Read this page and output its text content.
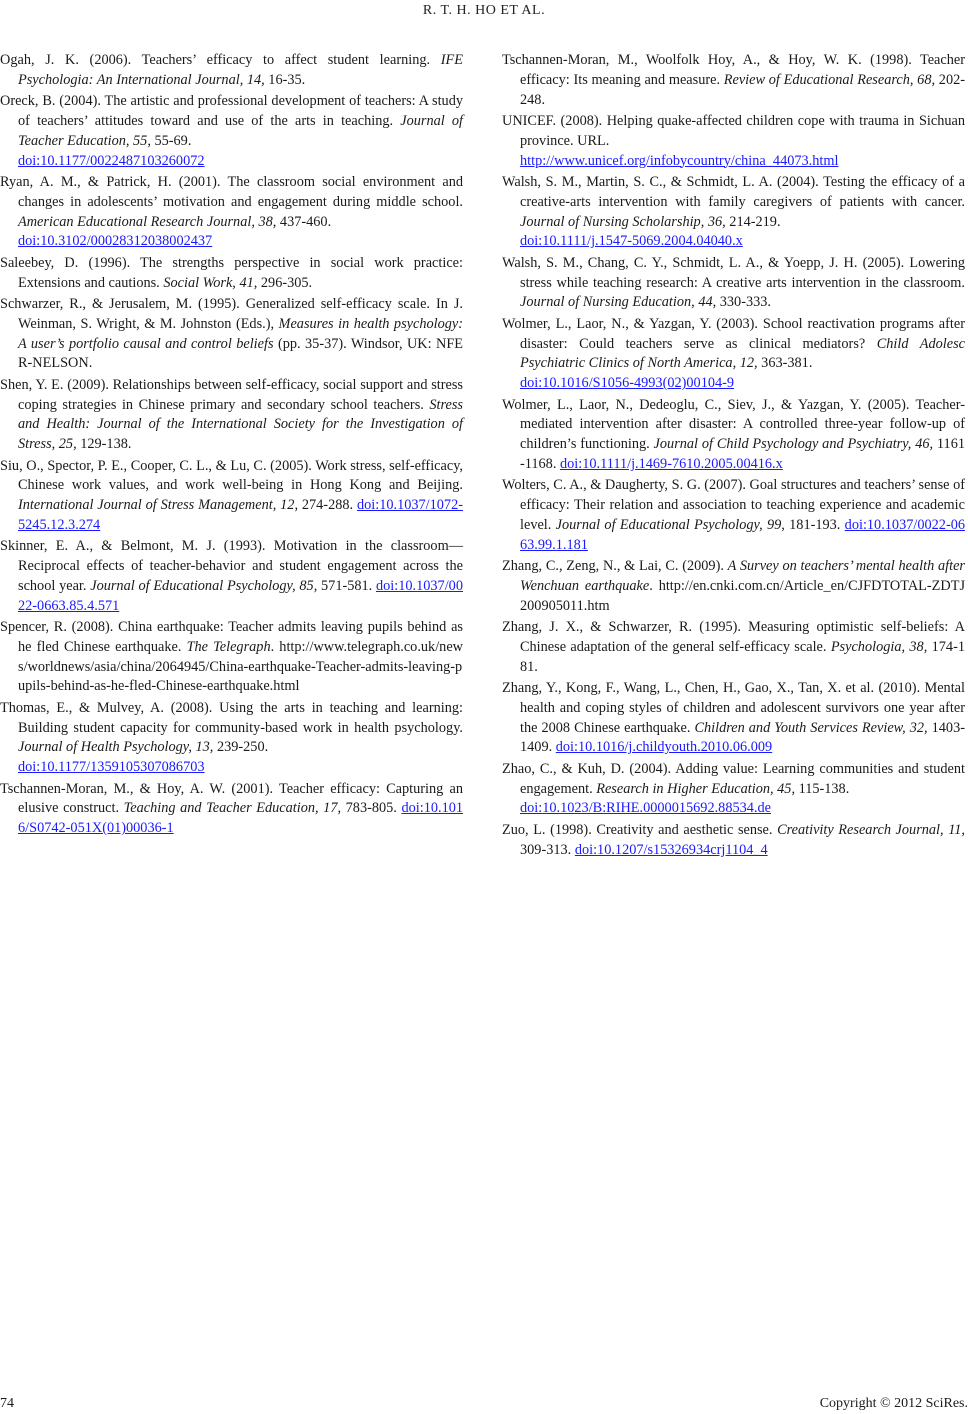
R. T. H. HO ET AL.

Ogah, J. K. (2006). Teachers’ efficacy to affect student learning. IFE Psychologia: An International Journal, 14, 16-35.

Oreck, B. (2004). The artistic and professional development of teachers: A study of teachers’ attitudes toward and use of the arts in teaching. Journal of Teacher Education, 55, 55-69.
doi:10.1177/0022487103260072

Ryan, A. M., & Patrick, H. (2001). The classroom social environment and changes in adolescents’ motivation and engagement during middle school. American Educational Research Journal, 38, 437-460.
doi:10.3102/00028312038002437

Saleebey, D. (1996). The strengths perspective in social work practice: Extensions and cautions. Social Work, 41, 296-305.

Schwarzer, R., & Jerusalem, M. (1995). Generalized self-efficacy scale. In J. Weinman, S. Wright, & M. Johnston (Eds.), Measures in health psychology: A user’s portfolio causal and control beliefs (pp. 35-37). Windsor, UK: NFER-NELSON.

Shen, Y. E. (2009). Relationships between self-efficacy, social support and stress coping strategies in Chinese primary and secondary school teachers. Stress and Health: Journal of the International Society for the Investigation of Stress, 25, 129-138.

Siu, O., Spector, P. E., Cooper, C. L., & Lu, C. (2005). Work stress, self-efficacy, Chinese work values, and work well-being in Hong Kong and Beijing. International Journal of Stress Management, 12, 274-288. doi:10.1037/1072-5245.12.3.274

Skinner, E. A., & Belmont, M. J. (1993). Motivation in the classroom—Reciprocal effects of teacher-behavior and student engagement across the school year. Journal of Educational Psychology, 85, 571-581. doi:10.1037/0022-0663.85.4.571

Spencer, R. (2008). China earthquake: Teacher admits leaving pupils behind as he fled Chinese earthquake. The Telegraph. http://www.telegraph.co.uk/news/worldnews/asia/china/2064945/China-earthquake-Teacher-admits-leaving-pupils-behind-as-he-fled-Chinese-earthquake.html

Thomas, E., & Mulvey, A. (2008). Using the arts in teaching and learning: Building student capacity for community-based work in health psychology. Journal of Health Psychology, 13, 239-250.
doi:10.1177/1359105307086703

Tschannen-Moran, M., & Hoy, A. W. (2001). Teacher efficacy: Capturing an elusive construct. Teaching and Teacher Education, 17, 783-805. doi:10.1016/S0742-051X(01)00036-1

Tschannen-Moran, M., Woolfolk Hoy, A., & Hoy, W. K. (1998). Teacher efficacy: Its meaning and measure. Review of Educational Research, 68, 202-248.

UNICEF. (2008). Helping quake-affected children cope with trauma in Sichuan province. URL.
http://www.unicef.org/infobycountry/china_44073.html

Walsh, S. M., Martin, S. C., & Schmidt, L. A. (2004). Testing the efficacy of a creative-arts intervention with family caregivers of patients with cancer. Journal of Nursing Scholarship, 36, 214-219.
doi:10.1111/j.1547-5069.2004.04040.x

Walsh, S. M., Chang, C. Y., Schmidt, L. A., & Yoepp, J. H. (2005). Lowering stress while teaching research: A creative arts intervention in the classroom. Journal of Nursing Education, 44, 330-333.

Wolmer, L., Laor, N., & Yazgan, Y. (2003). School reactivation programs after disaster: Could teachers serve as clinical mediators? Child Adolesc Psychiatric Clinics of North America, 12, 363-381.
doi:10.1016/S1056-4993(02)00104-9

Wolmer, L., Laor, N., Dedeoglu, C., Siev, J., & Yazgan, Y. (2005). Teacher-mediated intervention after disaster: A controlled three-year follow-up of children’s functioning. Journal of Child Psychology and Psychiatry, 46, 1161-1168. doi:10.1111/j.1469-7610.2005.00416.x

Wolters, C. A., & Daugherty, S. G. (2007). Goal structures and teachers’ sense of efficacy: Their relation and association to teaching experience and academic level. Journal of Educational Psychology, 99, 181-193. doi:10.1037/0022-0663.99.1.181

Zhang, C., Zeng, N., & Lai, C. (2009). A Survey on teachers’ mental health after Wenchuan earthquake. http://en.cnki.com.cn/Article_en/CJFDTOTAL-ZDTJ200905011.htm

Zhang, J. X., & Schwarzer, R. (1995). Measuring optimistic self-beliefs: A Chinese adaptation of the general self-efficacy scale. Psychologia, 38, 174-181.

Zhang, Y., Kong, F., Wang, L., Chen, H., Gao, X., Tan, X. et al. (2010). Mental health and coping styles of children and adolescent survivors one year after the 2008 Chinese earthquake. Children and Youth Services Review, 32, 1403-1409. doi:10.1016/j.childyouth.2010.06.009

Zhao, C., & Kuh, D. (2004). Adding value: Learning communities and student engagement. Research in Higher Education, 45, 115-138.
doi:10.1023/B:RIHE.0000015692.88534.de

Zuo, L. (1998). Creativity and aesthetic sense. Creativity Research Journal, 11, 309-313. doi:10.1207/s15326934crj1104_4

74	Copyright © 2012 SciRes.
